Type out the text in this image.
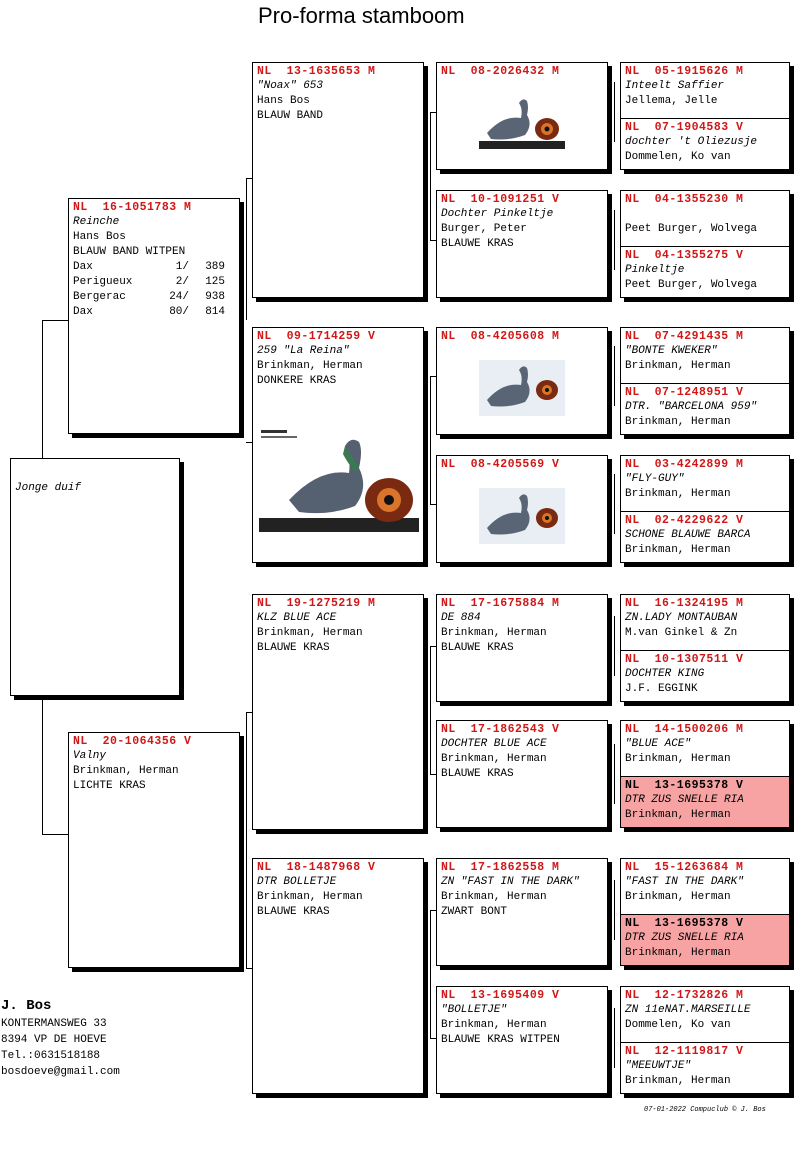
Pro-forma stamboom
Jonge duif
NL  16-1051783 M
Reinche
Hans Bos
BLAUW BAND WITPEN
Dax	1/	389
Perigueux	2/	125
Bergerac	24/	938
Dax	80/	814
NL  20-1064356 V
Valny
Brinkman, Herman
LICHTE KRAS
NL  13-1635653 M
"Noax" 653
Hans Bos
BLAUW BAND
NL  09-1714259 V
259 "La Reina"
Brinkman, Herman
DONKERE KRAS
NL  19-1275219 M
KLZ BLUE ACE
Brinkman, Herman
BLAUWE KRAS
NL  18-1487968 V
DTR BOLLETJE
Brinkman, Herman
BLAUWE KRAS
NL  08-2026432 M
NL  10-1091251 V
Dochter Pinkeltje
Burger, Peter
BLAUWE KRAS
NL  08-4205608 M
NL  08-4205569 V
NL  17-1675884 M
DE 884
Brinkman, Herman
BLAUWE KRAS
NL  17-1862543 V
DOCHTER BLUE ACE
Brinkman, Herman
BLAUWE KRAS
NL  17-1862558 M
ZN "FAST IN THE DARK"
Brinkman, Herman
ZWART BONT
NL  13-1695409 V
"BOLLETJE"
Brinkman, Herman
BLAUWE KRAS WITPEN
NL  05-1915626 M
Inteelt Saffier
Jellema, Jelle
NL  07-1904583 V
dochter 't Oliezusje
Dommelen, Ko van
NL  04-1355230 M
Peet Burger, Wolvega
NL  04-1355275 V
Pinkeltje
Peet Burger, Wolvega
NL  07-4291435 M
"BONTE KWEKER"
Brinkman, Herman
NL  07-1248951 V
DTR. "BARCELONA 959"
Brinkman, Herman
NL  03-4242899 M
"FLY-GUY"
Brinkman, Herman
NL  02-4229622 V
SCHONE BLAUWE BARCA
Brinkman, Herman
NL  16-1324195 M
ZN.LADY MONTAUBAN
M.van Ginkel & Zn
NL  10-1307511 V
DOCHTER KING
J.F. EGGINK
NL  14-1500206 M
"BLUE ACE"
Brinkman, Herman
NL  13-1695378 V
DTR ZUS SNELLE RIA
Brinkman, Herman
NL  15-1263684 M
"FAST IN THE DARK"
Brinkman, Herman
NL  13-1695378 V
DTR ZUS SNELLE RIA
Brinkman, Herman
NL  12-1732826 M
ZN 11eNAT.MARSEILLE
Dommelen, Ko van
NL  12-1119817 V
"MEEUWTJE"
Brinkman, Herman
J. Bos
KONTERMANSWEG 33
8394 VP DE HOEVE
Tel.:0631518188
bosdoeve@gmail.com
07-01-2022 Compuclub © J. Bos
